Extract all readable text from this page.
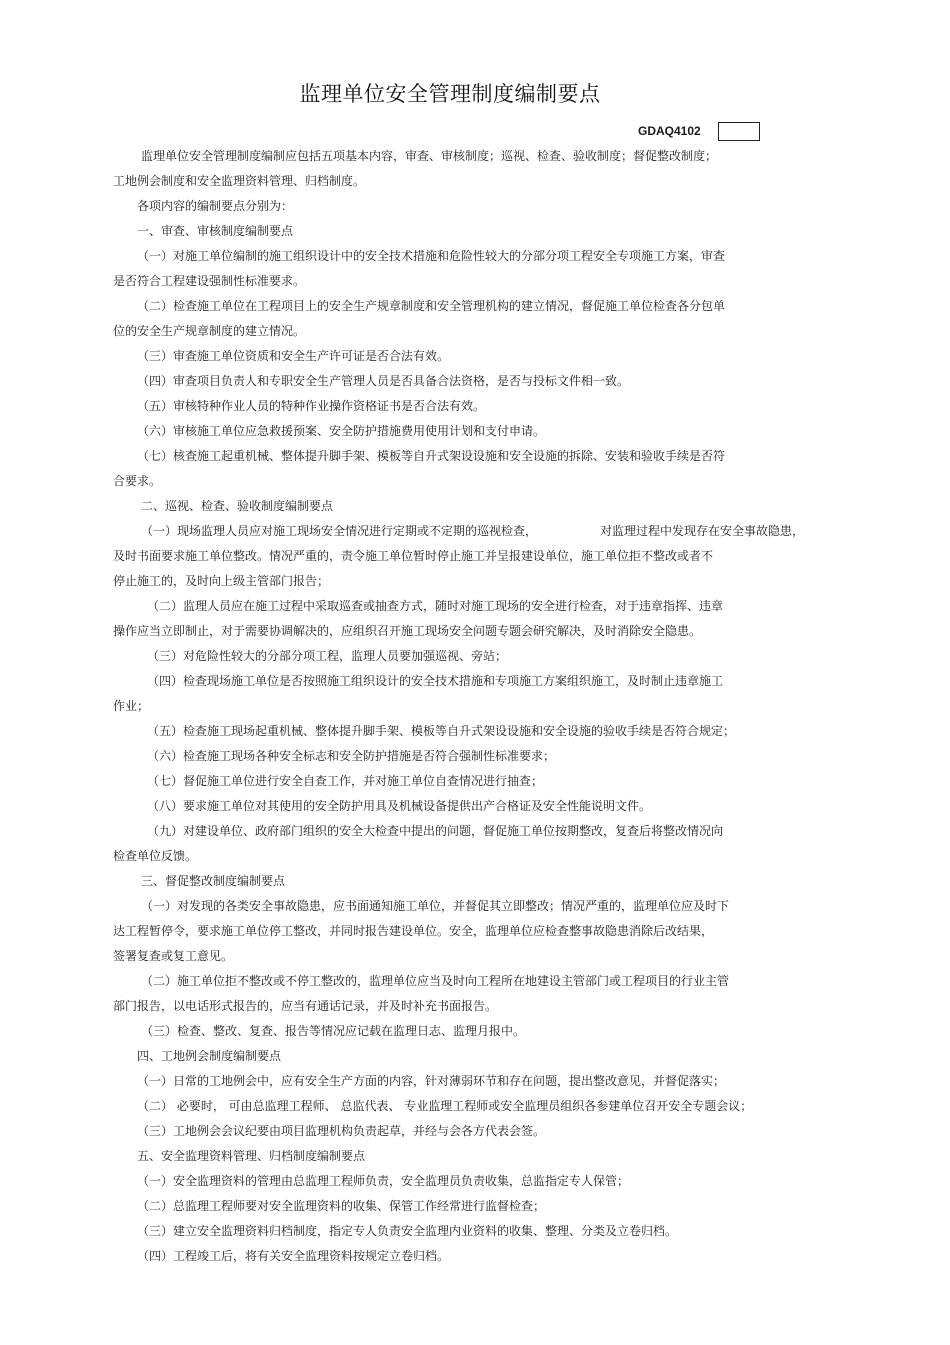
监理单位安全管理制度编制要点
GDAQ4102
监理单位安全管理制度编制应包括五项基本内容，审查、审核制度；巡视、检查、验收制度；督促整改制度；
工地例会制度和安全监理资料管理、归档制度。
各项内容的编制要点分别为：
一、审查、审核制度编制要点
（一）对施工单位编制的施工组织设计中的安全技术措施和危险性较大的分部分项工程安全专项施工方案，审查
是否符合工程建设强制性标准要求。
（二）检查施工单位在工程项目上的安全生产规章制度和安全管理机构的建立情况，督促施工单位检查各分包单
位的安全生产规章制度的建立情况。
（三）审查施工单位资质和安全生产许可证是否合法有效。
（四）审查项目负责人和专职安全生产管理人员是否具备合法资格，是否与投标文件相一致。
（五）审核特种作业人员的特种作业操作资格证书是否合法有效。
（六）审核施工单位应急救援预案、安全防护措施费用使用计划和支付申请。
（七）核查施工起重机械、整体提升脚手架、模板等自升式架设设施和安全设施的拆除、安装和验收手续是否符
合要求。
二、巡视、检查、验收制度编制要点
（一）现场监理人员应对施工现场安全情况进行定期或不定期的巡视检查，	对监理过程中发现存在安全事故隐患，
及时书面要求施工单位整改。情况严重的，责令施工单位暂时停止施工并呈报建设单位，施工单位拒不整改或者不
停止施工的，及时向上级主管部门报告；
（二）监理人员应在施工过程中采取巡查或抽查方式，随时对施工现场的安全进行检查，对于违章指挥、违章
操作应当立即制止，对于需要协调解决的，应组织召开施工现场安全问题专题会研究解决，及时消除安全隐患。
（三）对危险性较大的分部分项工程，监理人员要加强巡视、旁站；
（四）检查现场施工单位是否按照施工组织设计的安全技术措施和专项施工方案组织施工，及时制止违章施工
作业；
（五）检查施工现场起重机械、整体提升脚手架、模板等自升式架设设施和安全设施的验收手续是否符合规定；
（六）检查施工现场各种安全标志和安全防护措施是否符合强制性标准要求；
（七）督促施工单位进行安全自查工作，并对施工单位自查情况进行抽查；
（八）要求施工单位对其使用的安全防护用具及机械设备提供出产合格证及安全性能说明文件。
（九）对建设单位、政府部门组织的安全大检查中提出的问题，督促施工单位按期整改，复查后将整改情况向
检查单位反馈。
三、督促整改制度编制要点
（一）对发现的各类安全事故隐患，应书面通知施工单位，并督促其立即整改；情况严重的，监理单位应及时下
达工程暂停令，要求施工单位停工整改，并同时报告建设单位。安全，监理单位应检查整事故隐患消除后改结果，
签署复查或复工意见。
（二）施工单位拒不整改或不停工整改的，监理单位应当及时向工程所在地建设主管部门或工程项目的行业主管
部门报告，以电话形式报告的，应当有通话记录，并及时补充书面报告。
（三）检查、整改、复查、报告等情况应记载在监理日志、监理月报中。
四、工地例会制度编制要点
（一）日常的工地例会中，应有安全生产方面的内容，针对薄弱环节和存在问题，提出整改意见，并督促落实；
（二） 必要时， 可由总监理工程师、 总监代表、 专业监理工程师或安全监理员组织各参建单位召开安全专题会议；
（三）工地例会会议纪要由项目监理机构负责起草，并经与会各方代表会签。
五、安全监理资料管理、归档制度编制要点
（一）安全监理资料的管理由总监理工程师负责，安全监理员负责收集，总监指定专人保管；
（二）总监理工程师要对安全监理资料的收集、保管工作经常进行监督检查；
（三）建立安全监理资料归档制度，指定专人负责安全监理内业资料的收集、整理、分类及立卷归档。
（四）工程竣工后，将有关安全监理资料按规定立卷归档。
